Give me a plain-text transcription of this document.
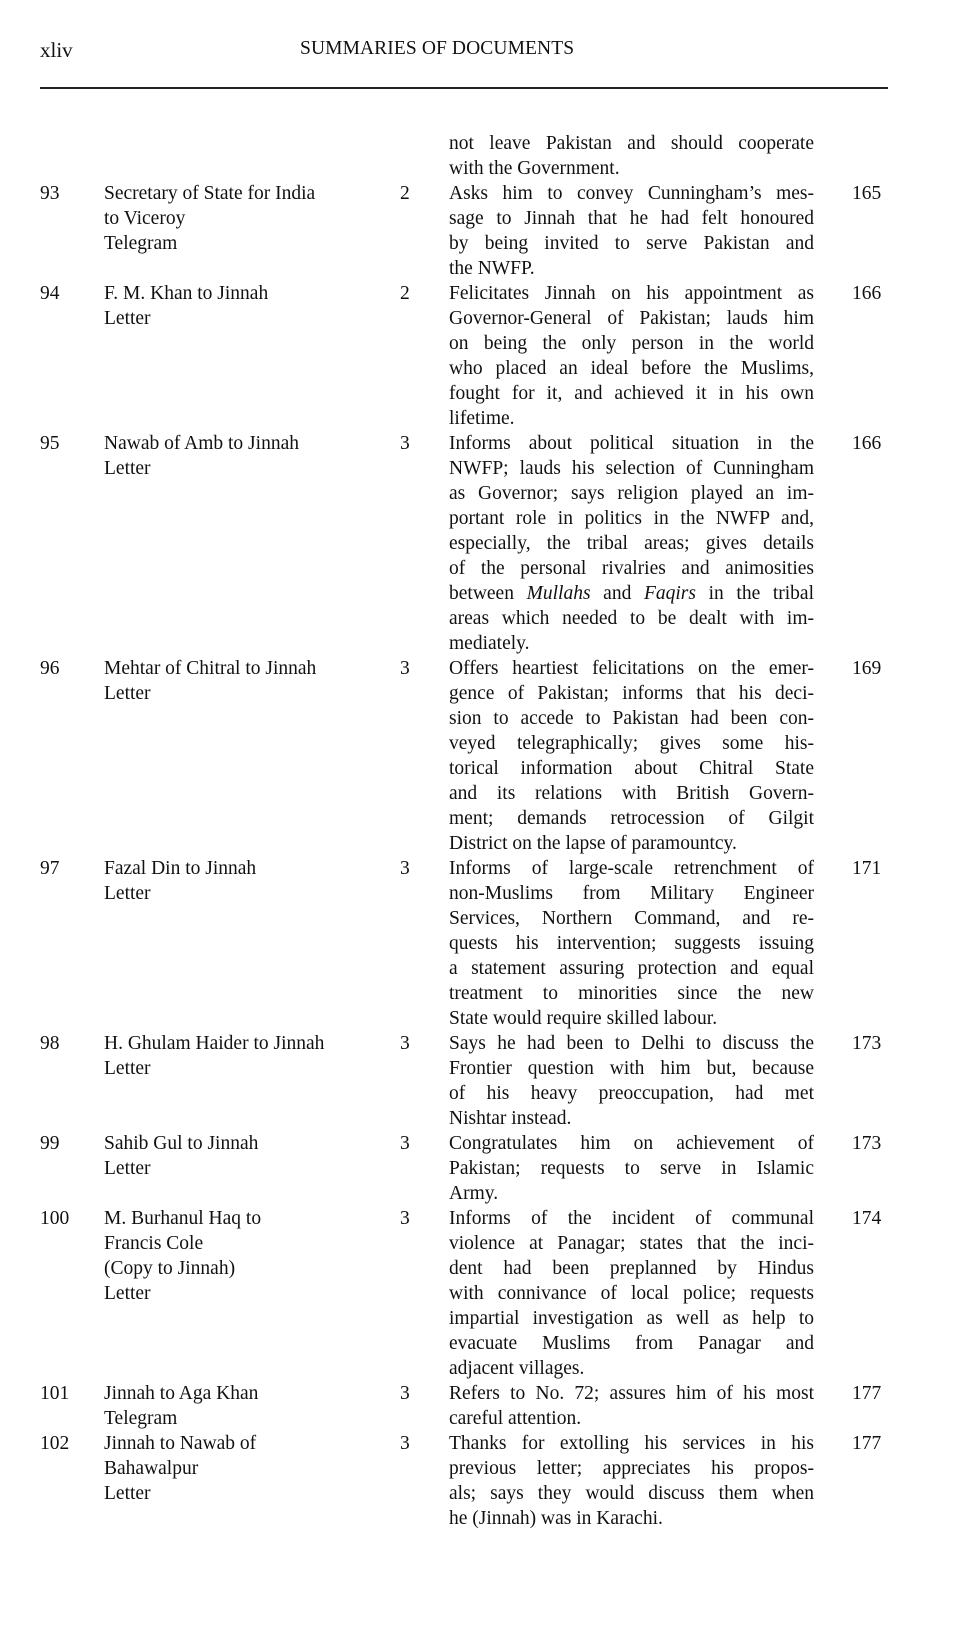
xliv	SUMMARIES OF DOCUMENTS
not leave Pakistan and should cooperate
with the Government.
93	Secretary of State for India
to Viceroy
Telegram
2 Asks him to convey Cunningham’s mes-
sage to Jinnah that he had felt honoured
by being invited to serve Pakistan and
the NWFP.
165
94	F. M. Khan to Jinnah
Letter
2 Felicitates Jinnah on his appointment as
Governor-General of Pakistan; lauds him
on being the only person in the world
who placed an ideal before the Muslims,
fought for it, and achieved it in his own
lifetime.
166
95	Nawab of Amb to Jinnah
Letter
3 Informs about political situation in the
NWFP; lauds his selection of Cunningham
as Governor; says religion played an im-
portant role in politics in the NWFP and,
especially, the tribal areas; gives details
of the personal rivalries and animosities
between Mullahs and Faqirs in the tribal
areas which needed to be dealt with im-
mediately.
166
96	Mehtar of Chitral to Jinnah
Letter
3 Offers heartiest felicitations on the emer-
gence of Pakistan; informs that his deci-
sion to accede to Pakistan had been con-
veyed telegraphically; gives some his-
torical information about Chitral State
and its relations with British Govern-
ment; demands retrocession of Gilgit
District on the lapse of paramountcy.
169
97	Fazal Din to Jinnah
Letter
3 Informs of large-scale retrenchment of
non-Muslims from Military Engineer
Services, Northern Command, and re-
quests his intervention; suggests issuing
a statement assuring protection and equal
treatment to minorities since the new
State would require skilled labour.
171
98	H. Ghulam Haider to Jinnah
Letter
3 Says he had been to Delhi to discuss the
Frontier question with him but, because
of his heavy preoccupation, had met
Nishtar instead.
173
99	Sahib Gul to Jinnah
Letter
3 Congratulates him on achievement of
Pakistan; requests to serve in Islamic
Army.
173
100	M. Burhanul Haq to
Francis Cole
(Copy to Jinnah)
Letter
3 Informs of the incident of communal
violence at Panagar; states that the inci-
dent had been preplanned by Hindus
with connivance of local police; requests
impartial investigation as well as help to
evacuate Muslims from Panagar and
adjacent villages.
174
101	Jinnah to Aga Khan
Telegram
3 Refers to No. 72; assures him of his most
careful attention.
177
102	Jinnah to Nawab of
Bahawalpur
Letter
3 Thanks for extolling his services in his
previous letter; appreciates his propos-
als; says they would discuss them when
he (Jinnah) was in Karachi.
177
